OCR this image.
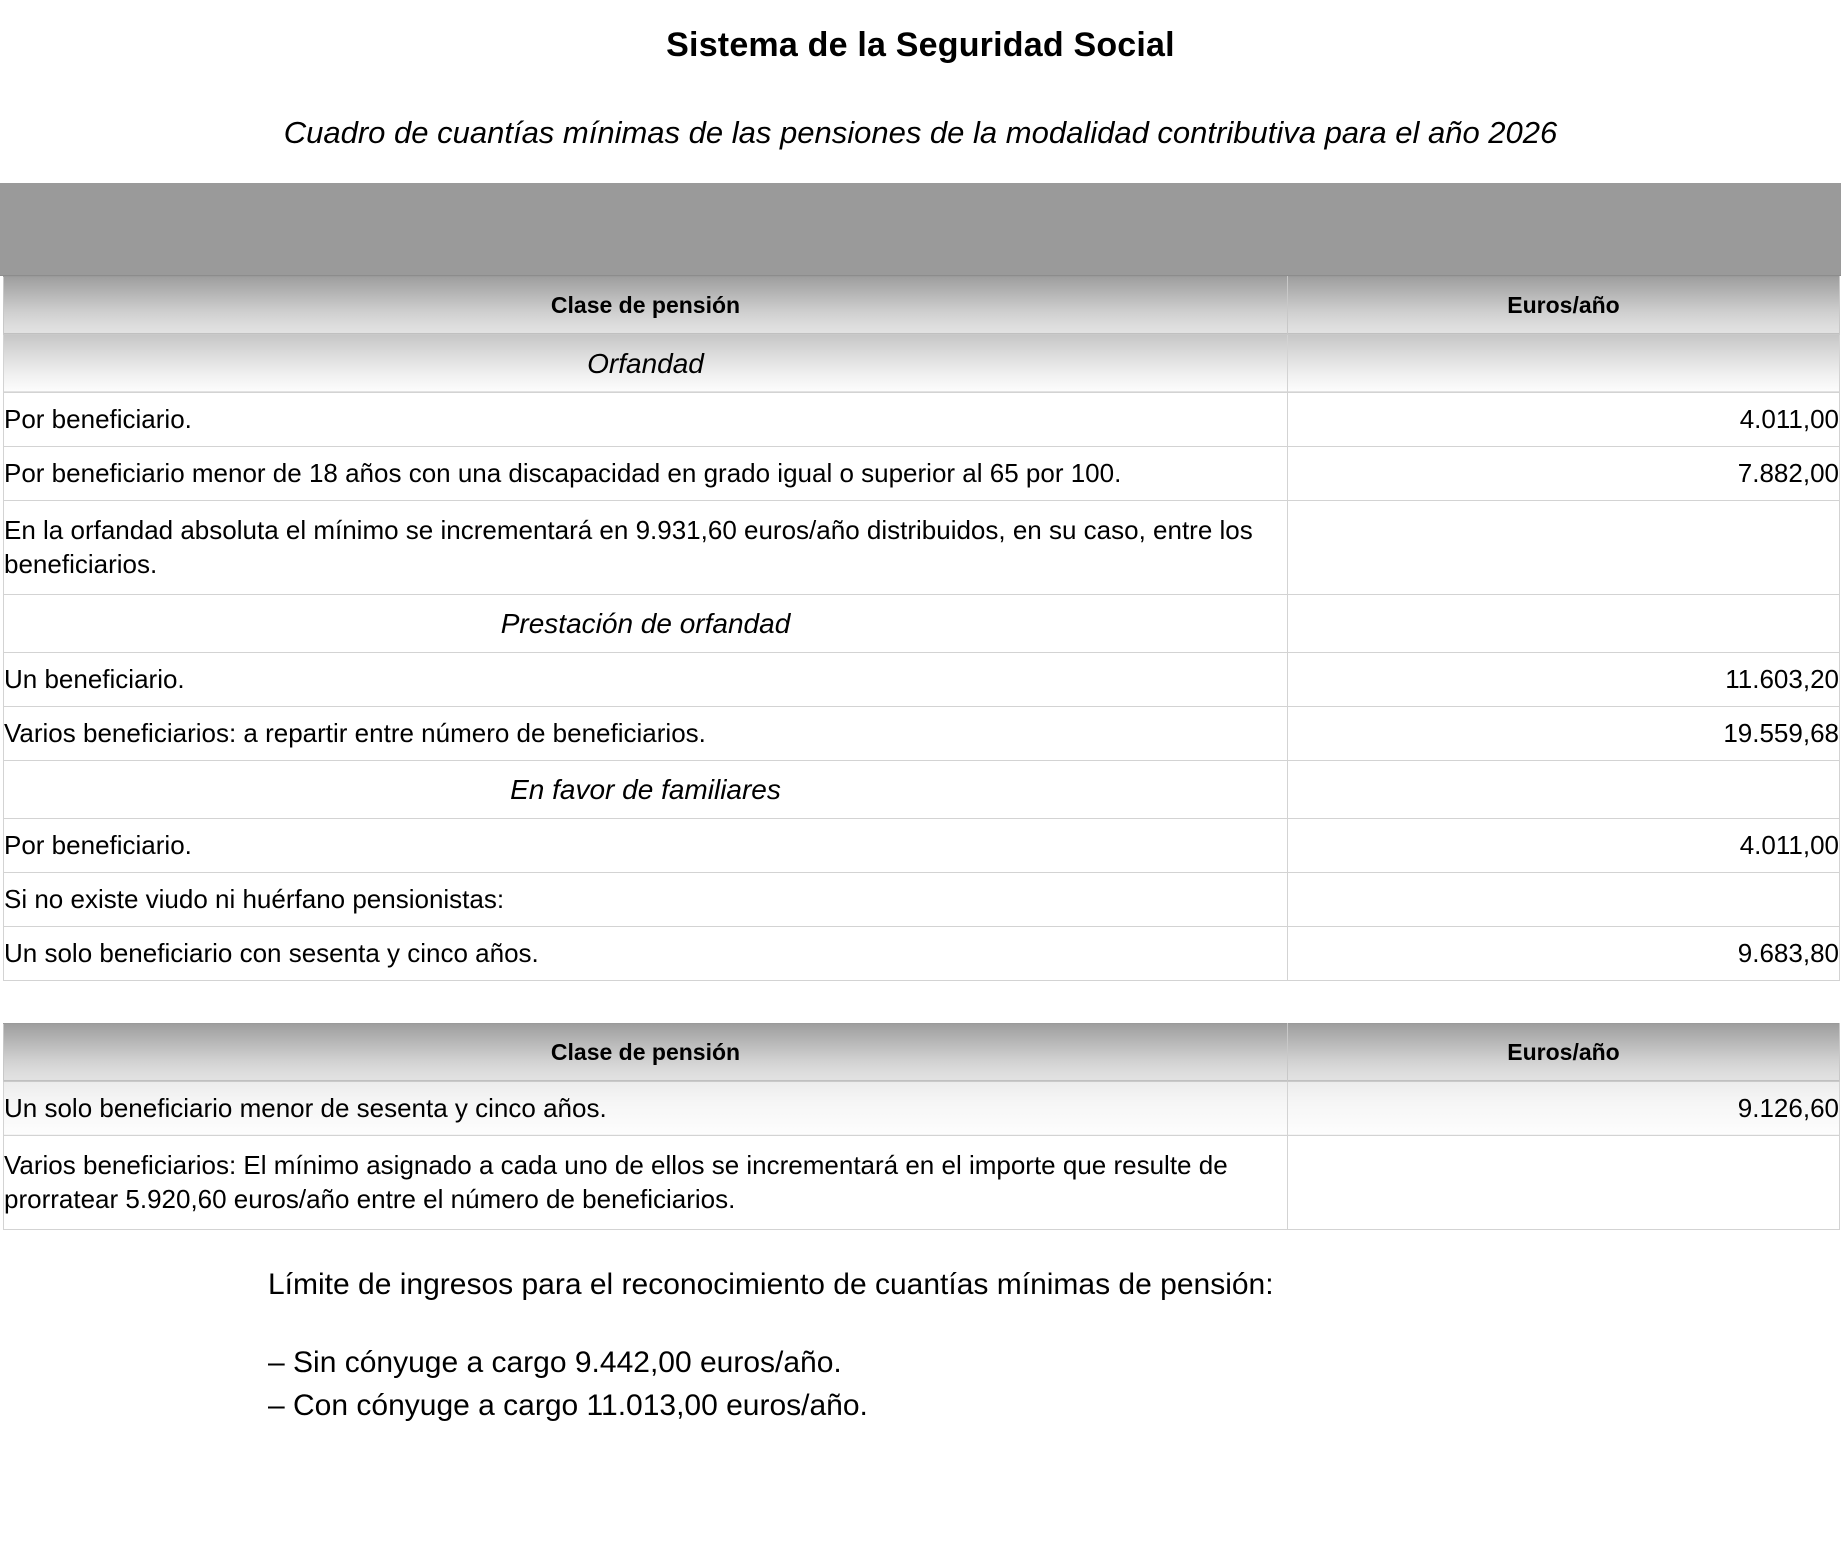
Sistema de la Seguridad Social
Cuadro de cuantías mínimas de las pensiones de la modalidad contributiva para el año 2026
Clase de pensión	Euros/año
Orfandad	
Por beneficiario.	4.011,00
Por beneficiario menor de 18 años con una discapacidad en grado igual o superior al 65 por 100.	7.882,00
En la orfandad absoluta el mínimo se incrementará en 9.931,60 euros/año distribuidos, en su caso, entre los beneficiarios.	
Prestación de orfandad	
Un beneficiario.	11.603,20
Varios beneficiarios: a repartir entre número de beneficiarios.	19.559,68
En favor de familiares	
Por beneficiario.	4.011,00
Si no existe viudo ni huérfano pensionistas:	
Un solo beneficiario con sesenta y cinco años.	9.683,80
Clase de pensión	Euros/año
Un solo beneficiario menor de sesenta y cinco años.	9.126,60
Varios beneficiarios: El mínimo asignado a cada uno de ellos se incrementará en el importe que resulte de prorratear 5.920,60 euros/año entre el número de beneficiarios.	

Límite de ingresos para el reconocimiento de cuantías mínimas de pensión:

– Sin cónyuge a cargo 9.442,00 euros/año.
– Con cónyuge a cargo 11.013,00 euros/año.
